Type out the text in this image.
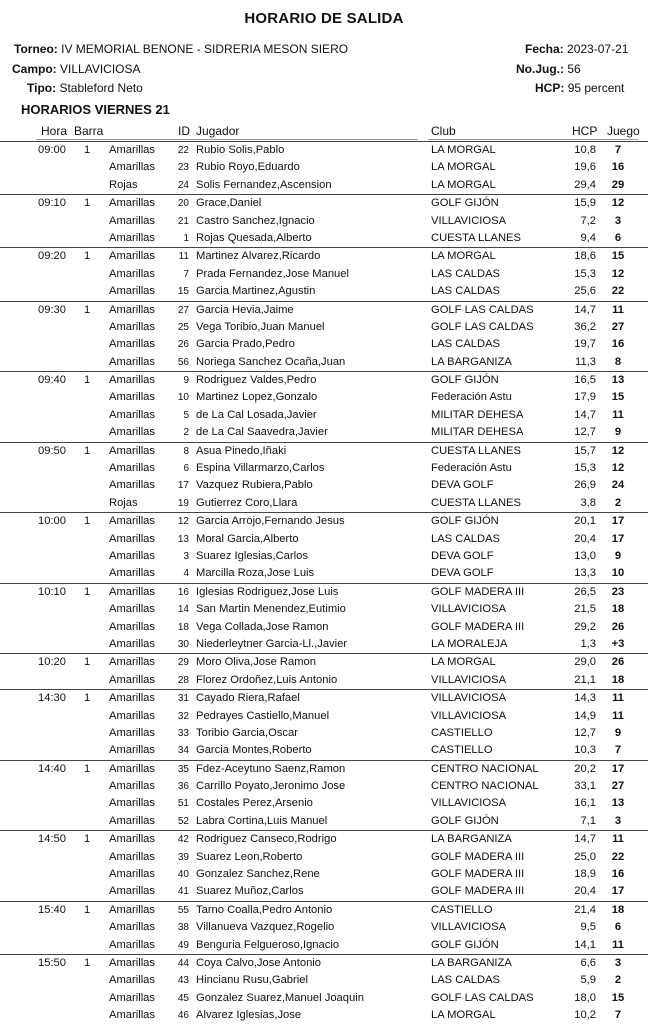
HORARIO DE SALIDA
Torneo: IV MEMORIAL BENONE - SIDRERIA MESON SIERO
Campo: VILLAVICIOSA
Tipo: Stableford Neto
Fecha: 2023-07-21
No.Jug.: 56
HCP: 95 percent
HORARIOS VIERNES 21
Hora Barra	ID Jugador	Club	HCP Juego
09:00 1 Amarillas	22 Rubio Solis,Pablo	LA MORGAL	10,8	7
Amarillas	23 Rubio Royo,Eduardo	LA MORGAL	19,6	16
Rojas	24 Solis Fernandez,Ascension	LA MORGAL	29,4	29
09:10 1 Amarillas	20 Grace,Daniel	GOLF GIJÓN	15,9	12
Amarillas	21 Castro Sanchez,Ignacio	VILLAVICIOSA	7,2	3
Amarillas	1 Rojas Quesada,Alberto	CUESTA LLANES	9,4	6
09:20 1 Amarillas	11 Martinez Alvarez,Ricardo	LA MORGAL	18,6	15
Amarillas	7 Prada Fernandez,Jose Manuel	LAS CALDAS	15,3	12
Amarillas	15 Garcia Martinez,Agustin	LAS CALDAS	25,6	22
09:30 1 Amarillas	27 Garcia Hevia,Jaime	GOLF LAS CALDAS	14,7	11
Amarillas	25 Vega Toribio,Juan Manuel	GOLF LAS CALDAS	36,2	27
Amarillas	26 Garcia Prado,Pedro	LAS CALDAS	19,7	16
Amarillas	56 Noriega Sanchez Ocaña,Juan	LA BARGANIZA	11,3	8
09:40 1 Amarillas	9 Rodriguez Valdes,Pedro	GOLF GIJÓN	16,5	13
Amarillas	10 Martinez Lopez,Gonzalo	Federación Astu	17,9	15
Amarillas	5 de La Cal Losada,Javier	MILITAR DEHESA	14,7	11
Amarillas	2 de La Cal Saavedra,Javier	MILITAR DEHESA	12,7	9
09:50 1 Amarillas	8 Asua Pinedo,Iñaki	CUESTA LLANES	15,7	12
Amarillas	6 Espina Villarmarzo,Carlos	Federación Astu	15,3	12
Amarillas	17 Vazquez Rubiera,Pablo	DEVA GOLF	26,9	24
Rojas	19 Gutierrez Coro,Llara	CUESTA LLANES	3,8	2
10:00 1 Amarillas	12 Garcia Arrojo,Fernando Jesus	GOLF GIJÓN	20,1	17
Amarillas	13 Moral Garcia,Alberto	LAS CALDAS	20,4	17
Amarillas	3 Suarez Iglesias,Carlos	DEVA GOLF	13,0	9
Amarillas	4 Marcilla Roza,Jose Luis	DEVA GOLF	13,3	10
10:10 1 Amarillas	16 Iglesias Rodriguez,Jose Luis	GOLF MADERA III	26,5	23
Amarillas	14 San Martin Menendez,Eutimio	VILLAVICIOSA	21,5	18
Amarillas	18 Vega Collada,Jose Ramon	GOLF MADERA III	29,2	26
Amarillas	30 Niederleytner Garcia-Ll.,Javier	LA MORALEJA	1,3	+3
10:20 1 Amarillas	29 Moro Oliva,Jose Ramon	LA MORGAL	29,0	26
Amarillas	28 Florez Ordoñez,Luis Antonio	VILLAVICIOSA	21,1	18
14:30 1 Amarillas	31 Cayado Riera,Rafael	VILLAVICIOSA	14,3	11
Amarillas	32 Pedrayes Castiello,Manuel	VILLAVICIOSA	14,9	11
Amarillas	33 Toribio Garcia,Oscar	CASTIELLO	12,7	9
Amarillas	34 Garcia Montes,Roberto	CASTIELLO	10,3	7
14:40 1 Amarillas	35 Fdez-Aceytuno Saenz,Ramon	CENTRO NACIONAL	20,2	17
Amarillas	36 Carrillo Poyato,Jeronimo Jose	CENTRO NACIONAL	33,1	27
Amarillas	51 Costales Perez,Arsenio	VILLAVICIOSA	16,1	13
Amarillas	52 Labra Cortina,Luis Manuel	GOLF GIJÓN	7,1	3
14:50 1 Amarillas	42 Rodriguez Canseco,Rodrigo	LA BARGANIZA	14,7	11
Amarillas	39 Suarez Leon,Roberto	GOLF MADERA III	25,0	22
Amarillas	40 Gonzalez Sanchez,Rene	GOLF MADERA III	18,9	16
Amarillas	41 Suarez Muñoz,Carlos	GOLF MADERA III	20,4	17
15:40 1 Amarillas	55 Tarno Coalla,Pedro Antonio	CASTIELLO	21,4	18
Amarillas	38 Villanueva Vazquez,Rogelio	VILLAVICIOSA	9,5	6
Amarillas	49 Benguria Felgueroso,Ignacio	GOLF GIJÓN	14,1	11
15:50 1 Amarillas	44 Coya Calvo,Jose Antonio	LA BARGANIZA	6,6	3
Amarillas	43 Hincianu Rusu,Gabriel	LAS CALDAS	5,9	2
Amarillas	45 Gonzalez Suarez,Manuel Joaquin	GOLF LAS CALDAS	18,0	15
Amarillas	46 Alvarez Iglesias,Jose	LA MORGAL	10,2	7
